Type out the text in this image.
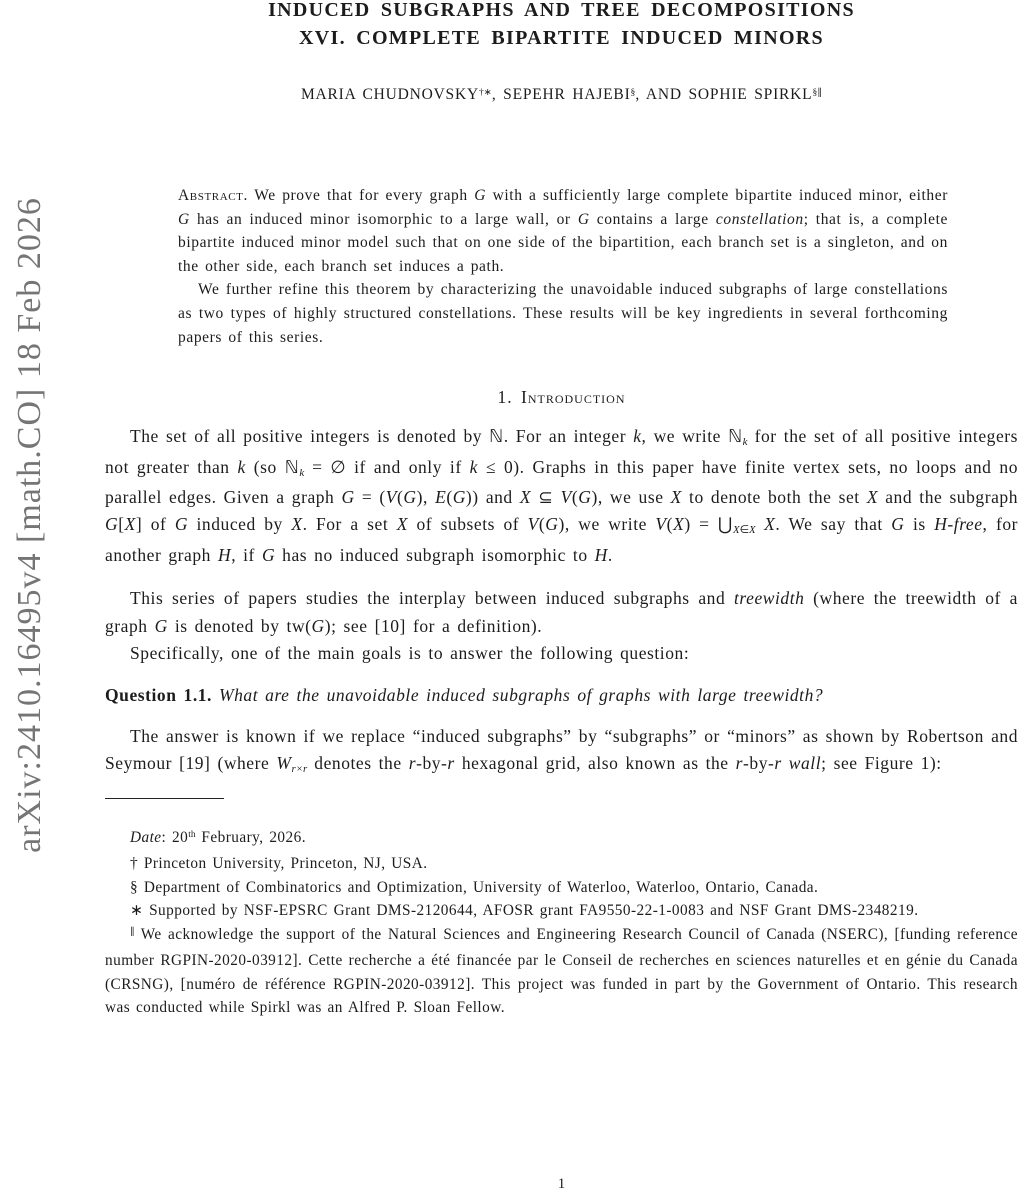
arXiv:2410.16495v4 [math.CO] 18 Feb 2026
INDUCED SUBGRAPHS AND TREE DECOMPOSITIONS
XVI. COMPLETE BIPARTITE INDUCED MINORS
MARIA CHUDNOVSKY†∗, SEPEHR HAJEBI§, AND SOPHIE SPIRKL§∥

Abstract. We prove that for every graph G with a sufficiently large complete bipartite induced minor, either G has an induced minor isomorphic to a large wall, or G contains a large constellation; that is, a complete bipartite induced minor model such that on one side of the bipartition, each branch set is a singleton, and on the other side, each branch set induces a path.

We further refine this theorem by characterizing the unavoidable induced subgraphs of large constellations as two types of highly structured constellations. These results will be key ingredients in several forthcoming papers of this series.

1. Introduction

The set of all positive integers is denoted by ℕ. For an integer k, we write ℕk for the set of all positive integers not greater than k (so ℕk = ∅ if and only if k ≤ 0). Graphs in this paper have finite vertex sets, no loops and no parallel edges. Given a graph G = (V(G), E(G)) and X ⊆ V(G), we use X to denote both the set X and the subgraph G[X] of G induced by X. For a set X of subsets of V(G), we write V(X) = ⋃X∈X X. We say that G is H-free, for another graph H, if G has no induced subgraph isomorphic to H.

This series of papers studies the interplay between induced subgraphs and treewidth (where the treewidth of a graph G is denoted by tw(G); see [10] for a definition).

Specifically, one of the main goals is to answer the following question:

Question 1.1. What are the unavoidable induced subgraphs of graphs with large treewidth?

The answer is known if we replace “induced subgraphs” by “subgraphs” or “minors” as shown by Robertson and Seymour [19] (where Wr×r denotes the r-by-r hexagonal grid, also known as the r-by-r wall; see Figure 1):

Date: 20th February, 2026.

† Princeton University, Princeton, NJ, USA.

§ Department of Combinatorics and Optimization, University of Waterloo, Waterloo, Ontario, Canada.

∗ Supported by NSF-EPSRC Grant DMS-2120644, AFOSR grant FA9550-22-1-0083 and NSF Grant DMS-2348219.

∥ We acknowledge the support of the Natural Sciences and Engineering Research Council of Canada (NSERC), [funding reference number RGPIN-2020-03912]. Cette recherche a été financée par le Conseil de recherches en sciences naturelles et en génie du Canada (CRSNG), [numéro de référence RGPIN-2020-03912]. This project was funded in part by the Government of Ontario. This research was conducted while Spirkl was an Alfred P. Sloan Fellow.

1
